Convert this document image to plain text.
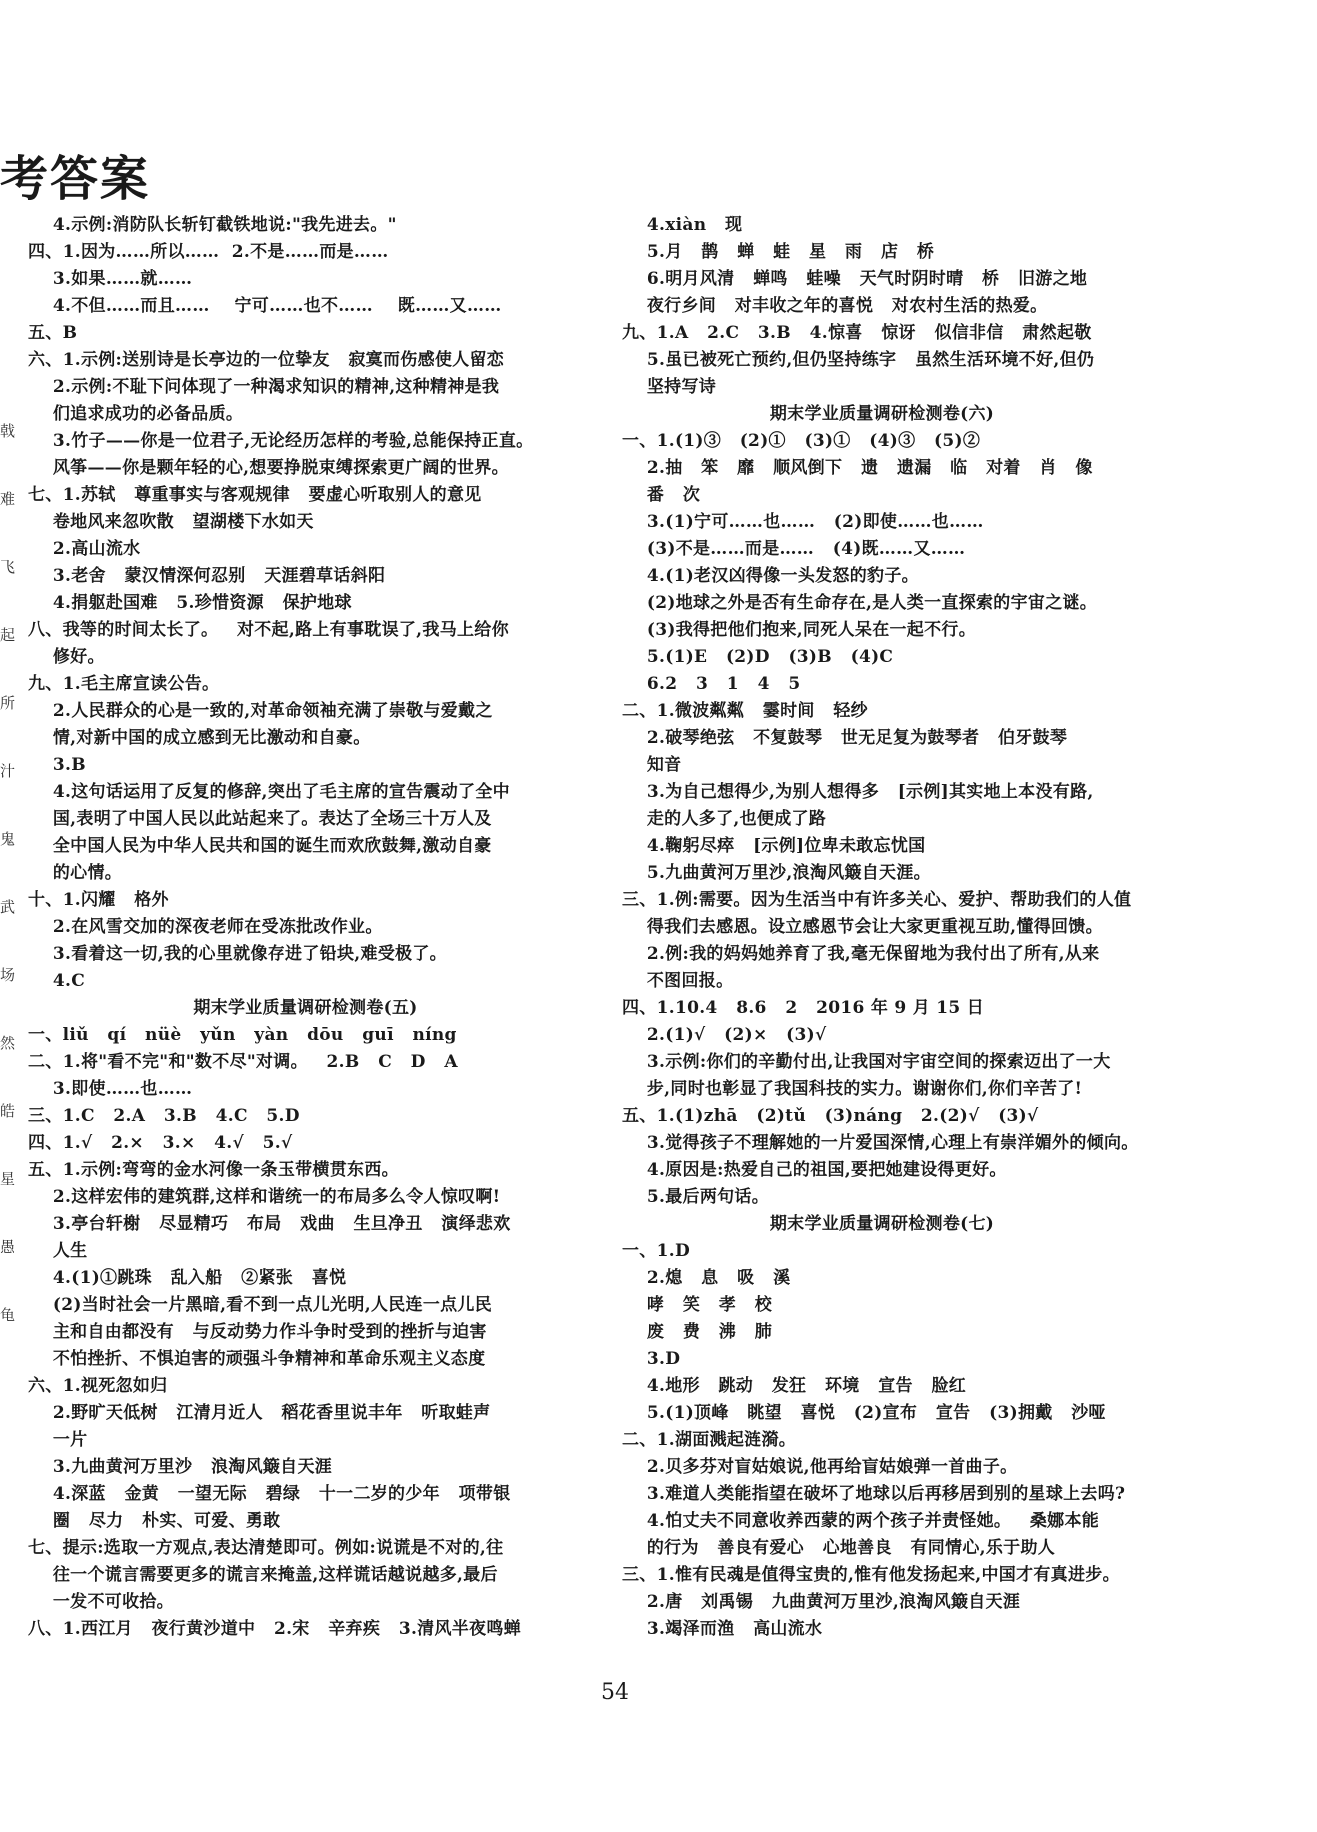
考答案
戟
难
飞
起
所
汁
鬼
武
场
然
皓
星
愚
龟
4.示例:消防队长斩钉截铁地说:"我先进去。"
四、1.因为……所以……  2.不是……而是……
3.如果……就……
4.不但……而且……    宁可……也不……    既……又……
五、B
六、1.示例:送别诗是长亭边的一位挚友   寂寞而伤感使人留恋
2.示例:不耻下问体现了一种渴求知识的精神,这种精神是我
们追求成功的必备品质。
3.竹子——你是一位君子,无论经历怎样的考验,总能保持正直。
风筝——你是颗年轻的心,想要挣脱束缚探索更广阔的世界。
七、1.苏轼   尊重事实与客观规律   要虚心听取别人的意见
卷地风来忽吹散   望湖楼下水如天
2.高山流水
3.老舍   蒙汉情深何忍别   天涯碧草话斜阳
4.捐躯赴国难   5.珍惜资源   保护地球
八、我等的时间太长了。   对不起,路上有事耽误了,我马上给你
修好。
九、1.毛主席宣读公告。
2.人民群众的心是一致的,对革命领袖充满了崇敬与爱戴之
情,对新中国的成立感到无比激动和自豪。
3.B
4.这句话运用了反复的修辞,突出了毛主席的宣告震动了全中
国,表明了中国人民以此站起来了。表达了全场三十万人及
全中国人民为中华人民共和国的诞生而欢欣鼓舞,激动自豪
的心情。
十、1.闪耀   格外
2.在风雪交加的深夜老师在受冻批改作业。
3.看着这一切,我的心里就像存进了铅块,难受极了。
4.C
期末学业质量调研检测卷(五)
一、liǔ   qí   nüè   yǔn   yàn   dōu   guī   níng
二、1.将"看不完"和"数不尽"对调。   2.B   C   D   A
3.即使……也……
三、1.C   2.A   3.B   4.C   5.D
四、1.√   2.×   3.×   4.√   5.√
五、1.示例:弯弯的金水河像一条玉带横贯东西。
2.这样宏伟的建筑群,这样和谐统一的布局多么令人惊叹啊!
3.亭台轩榭   尽显精巧   布局   戏曲   生旦净丑   演绎悲欢
人生
4.(1)①跳珠   乱入船   ②紧张   喜悦
(2)当时社会一片黑暗,看不到一点儿光明,人民连一点儿民
主和自由都没有   与反动势力作斗争时受到的挫折与迫害
不怕挫折、不惧迫害的顽强斗争精神和革命乐观主义态度
六、1.视死忽如归
2.野旷天低树   江清月近人   稻花香里说丰年   听取蛙声
一片
3.九曲黄河万里沙   浪淘风簸自天涯
4.深蓝   金黄   一望无际   碧绿   十一二岁的少年   项带银
圈   尽力   朴实、可爱、勇敢
七、提示:选取一方观点,表达清楚即可。例如:说谎是不对的,往
往一个谎言需要更多的谎言来掩盖,这样谎话越说越多,最后
一发不可收拾。
八、1.西江月   夜行黄沙道中   2.宋   辛弃疾   3.清风半夜鸣蝉
4.xiàn   现
5.月   鹊   蝉   蛙   星   雨   店   桥
6.明月风清   蝉鸣   蛙噪   天气时阴时晴   桥   旧游之地
夜行乡间   对丰收之年的喜悦   对农村生活的热爱。
九、1.A   2.C   3.B   4.惊喜   惊讶   似信非信   肃然起敬
5.虽已被死亡预约,但仍坚持练字   虽然生活环境不好,但仍
坚持写诗
期末学业质量调研检测卷(六)
一、1.(1)③   (2)①   (3)①   (4)③   (5)②
2.抽   笨   靡   顺风倒下   遗   遗漏   临   对着   肖   像
番   次
3.(1)宁可……也……   (2)即使……也……
(3)不是……而是……   (4)既……又……
4.(1)老汉凶得像一头发怒的豹子。
(2)地球之外是否有生命存在,是人类一直探索的宇宙之谜。
(3)我得把他们抱来,同死人呆在一起不行。
5.(1)E   (2)D   (3)B   (4)C
6.2   3   1   4   5
二、1.微波粼粼   霎时间   轻纱
2.破琴绝弦   不复鼓琴   世无足复为鼓琴者   伯牙鼓琴
知音
3.为自己想得少,为别人想得多   [示例]其实地上本没有路,
走的人多了,也便成了路
4.鞠躬尽瘁   [示例]位卑未敢忘忧国
5.九曲黄河万里沙,浪淘风簸自天涯。
三、1.例:需要。因为生活当中有许多关心、爱护、帮助我们的人值
得我们去感恩。设立感恩节会让大家更重视互助,懂得回馈。
2.例:我的妈妈她养育了我,毫无保留地为我付出了所有,从来
不图回报。
四、1.10.4   8.6   2   2016 年 9 月 15 日
2.(1)√   (2)×   (3)√
3.示例:你们的辛勤付出,让我国对宇宙空间的探索迈出了一大
步,同时也彰显了我国科技的实力。谢谢你们,你们辛苦了!
五、1.(1)zhā   (2)tǔ   (3)náng   2.(2)√   (3)√
3.觉得孩子不理解她的一片爱国深情,心理上有崇洋媚外的倾向。
4.原因是:热爱自己的祖国,要把她建设得更好。
5.最后两句话。
期末学业质量调研检测卷(七)
一、1.D
2.熄   息   吸   溪
哮   笑   孝   校
废   费   沸   肺
3.D
4.地形   跳动   发狂   环境   宣告   脸红
5.(1)顶峰   眺望   喜悦   (2)宣布   宣告   (3)拥戴   沙哑
二、1.湖面溅起涟漪。
2.贝多芬对盲姑娘说,他再给盲姑娘弹一首曲子。
3.难道人类能指望在破坏了地球以后再移居到别的星球上去吗?
4.怕丈夫不同意收养西蒙的两个孩子并责怪她。   桑娜本能
的行为   善良有爱心   心地善良   有同情心,乐于助人
三、1.惟有民魂是值得宝贵的,惟有他发扬起来,中国才有真进步。
2.唐   刘禹锡   九曲黄河万里沙,浪淘风簸自天涯
3.竭泽而渔   高山流水
54
